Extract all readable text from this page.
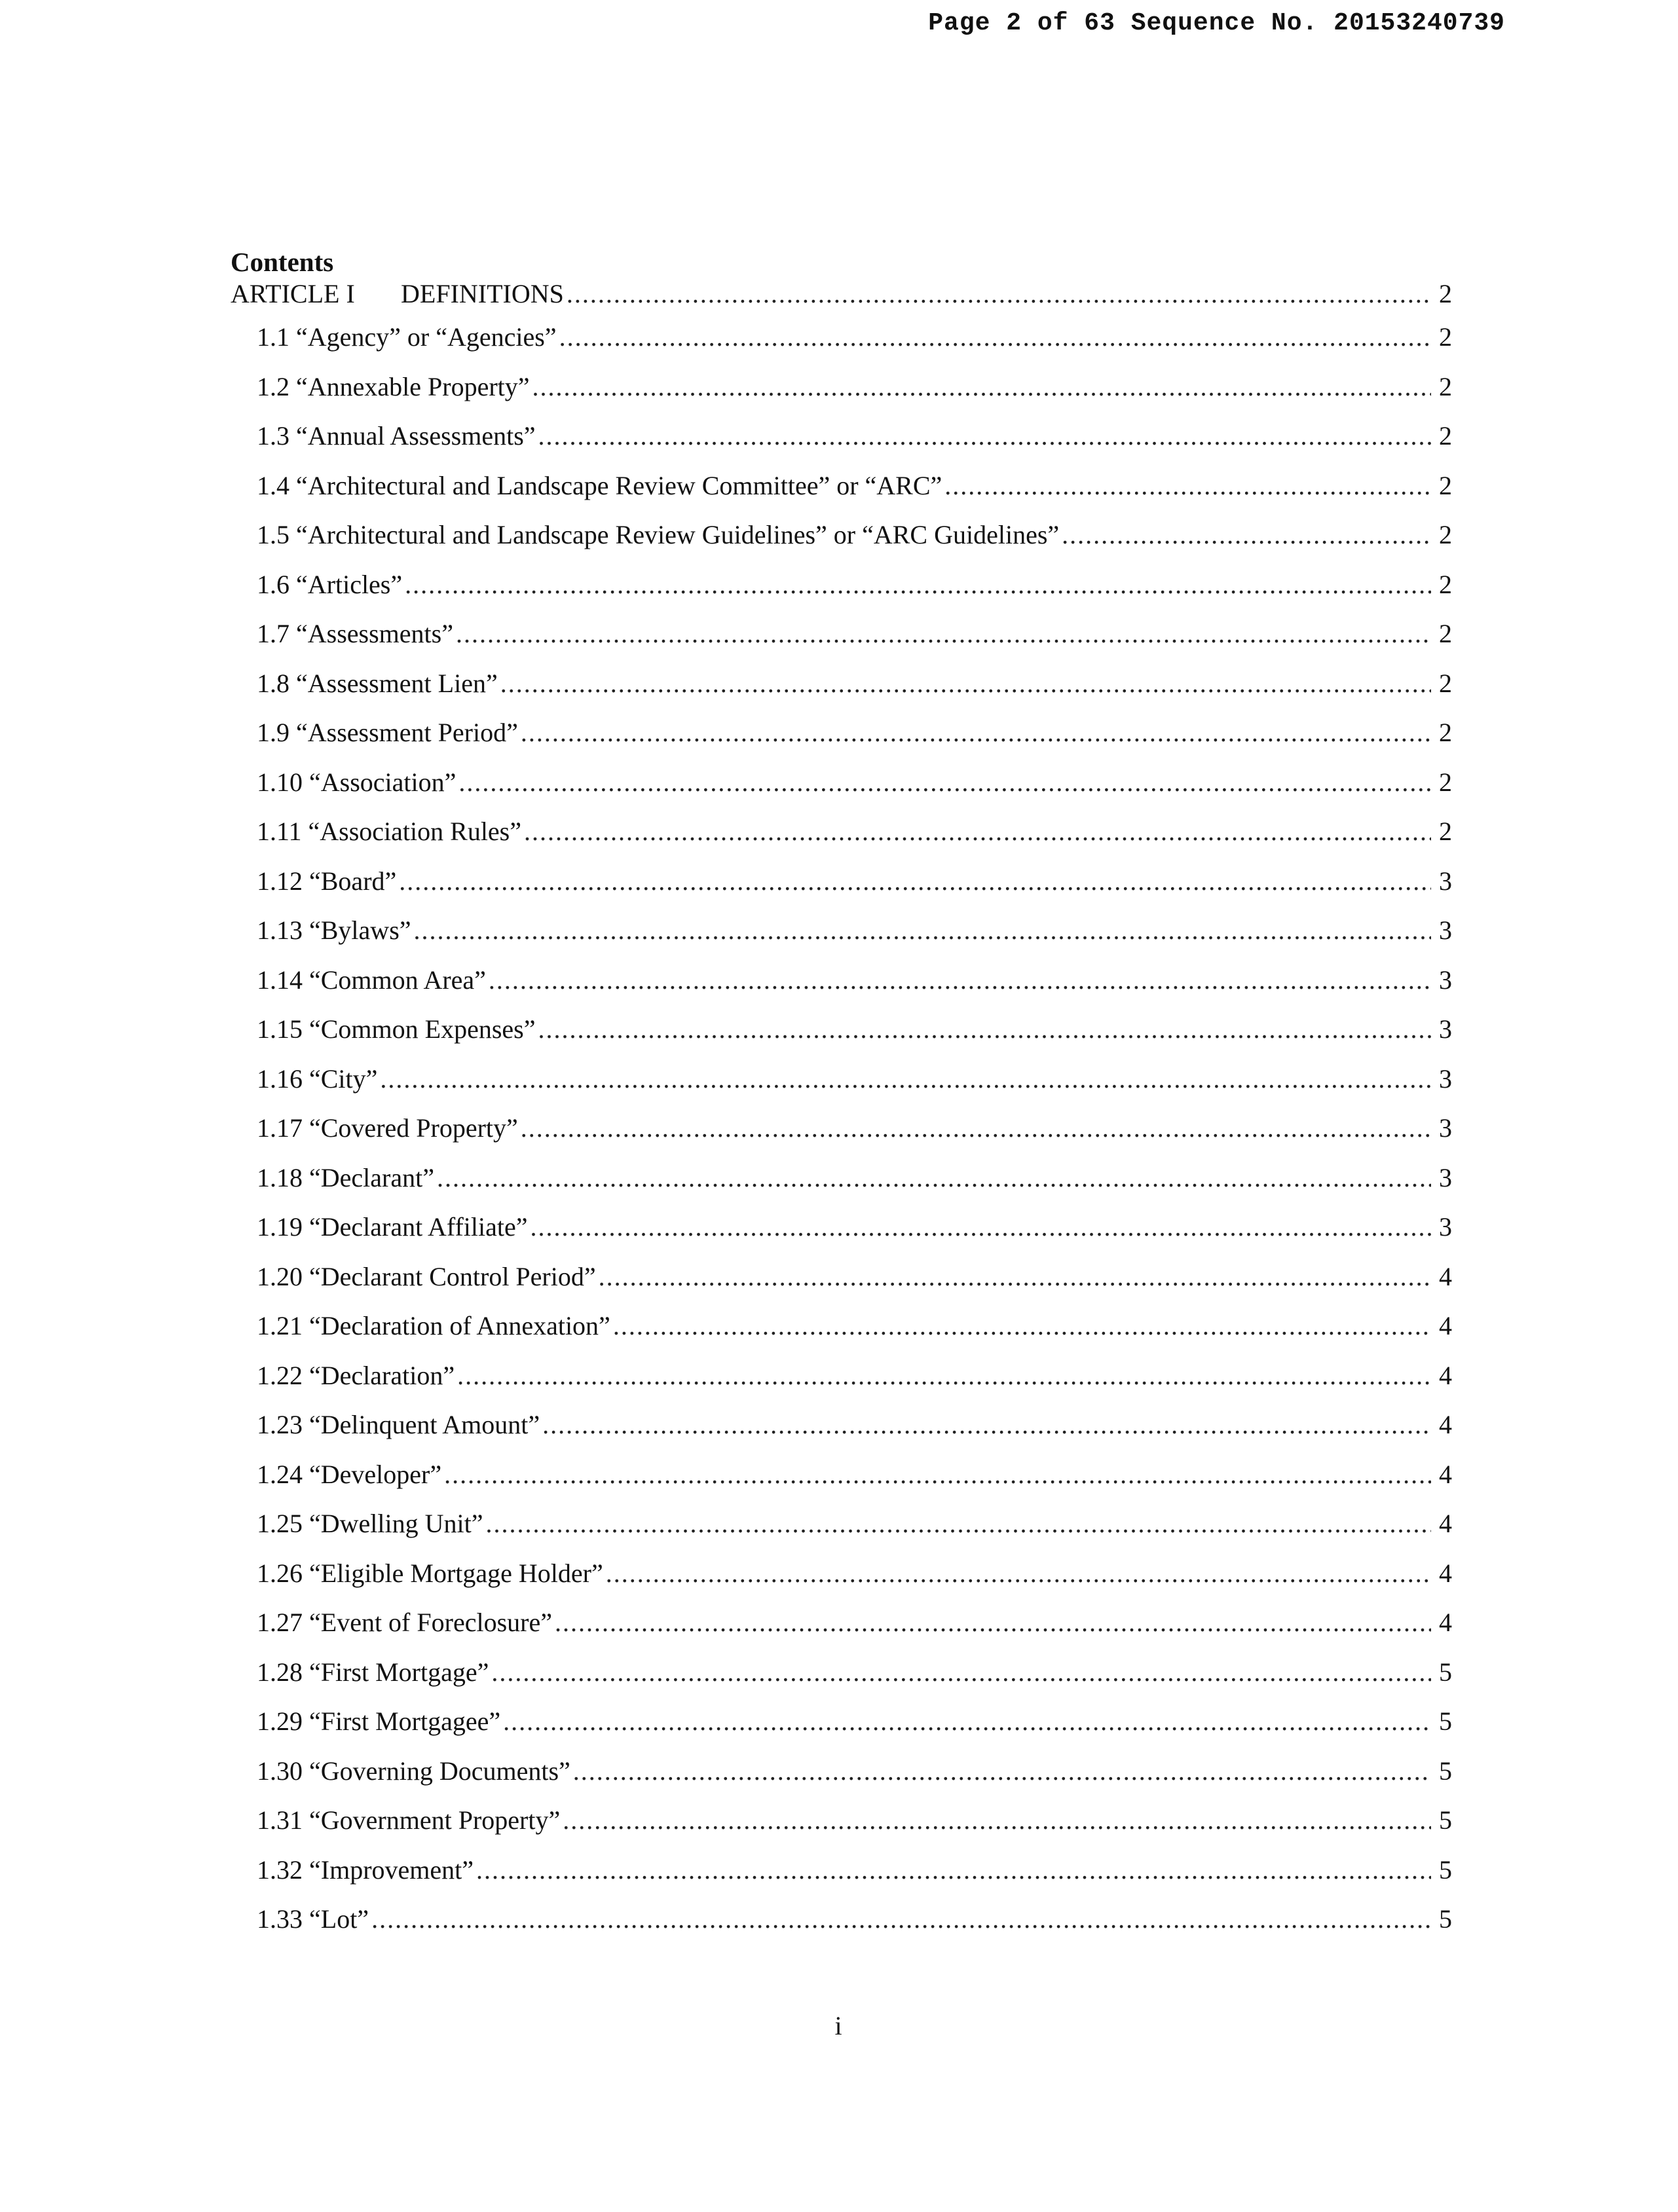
Page 2 of 63 Sequence No. 20153240739
Contents
ARTICLE I DEFINITIONS .....	2
1.1 “Agency” or “Agencies” .....	2
1.2 “Annexable Property” .....	2
1.3 “Annual Assessments” .....	2
1.4 “Architectural and Landscape Review Committee” or “ARC” .....	2
1.5 “Architectural and Landscape Review Guidelines” or “ARC Guidelines” .....	2
1.6 “Articles” .....	2
1.7 “Assessments” .....	2
1.8 “Assessment Lien” .....	2
1.9 “Assessment Period” .....	2
1.10 “Association” .....	2
1.11 “Association Rules” .....	2
1.12 “Board” .....	3
1.13 “Bylaws” .....	3
1.14 “Common Area” .....	3
1.15 “Common Expenses” .....	3
1.16 “City” .....	3
1.17 “Covered Property” .....	3
1.18 “Declarant” .....	3
1.19 “Declarant Affiliate” .....	3
1.20 “Declarant Control Period” .....	4
1.21 “Declaration of Annexation” .....	4
1.22 “Declaration” .....	4
1.23 “Delinquent Amount” .....	4
1.24 “Developer” .....	4
1.25 “Dwelling Unit” .....	4
1.26 “Eligible Mortgage Holder” .....	4
1.27 “Event of Foreclosure” .....	4
1.28 “First Mortgage” .....	5
1.29 “First Mortgagee” .....	5
1.30 “Governing Documents” .....	5
1.31 “Government Property” .....	5
1.32 “Improvement” .....	5
1.33 “Lot” .....	5
i
